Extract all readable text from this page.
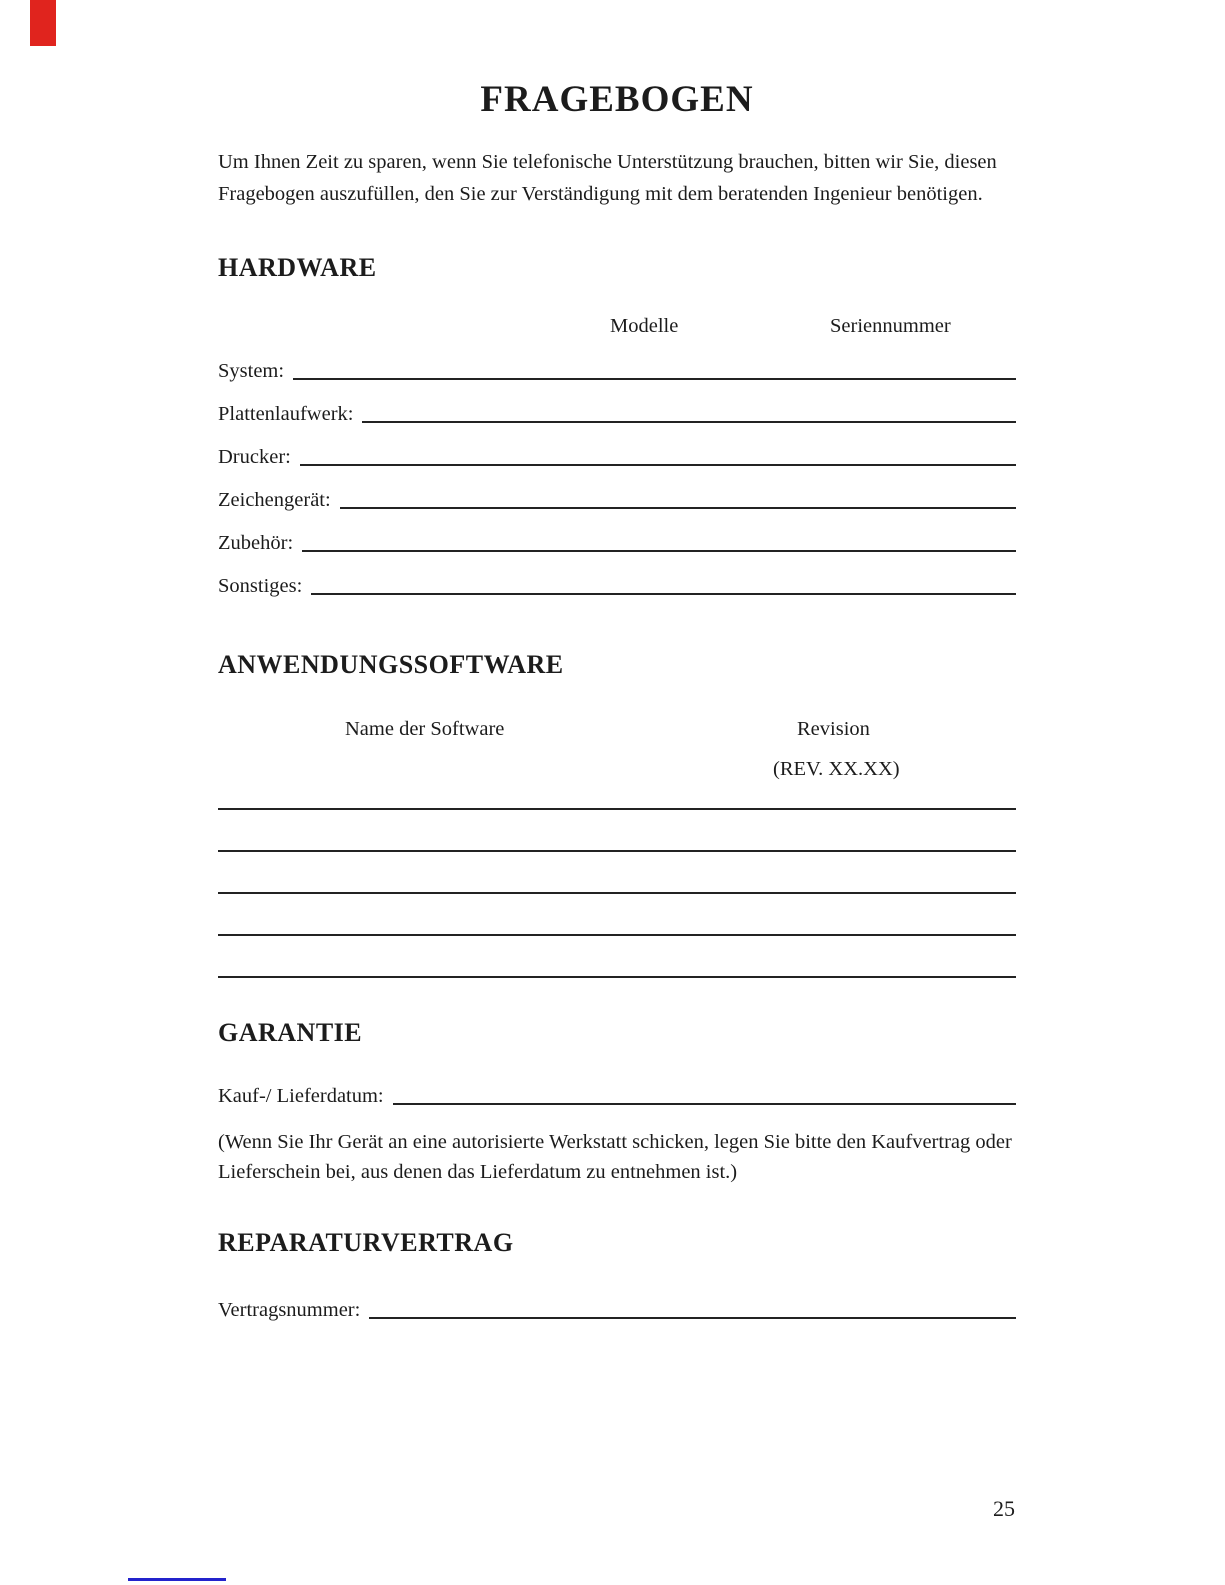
FRAGEBOGEN
Um Ihnen Zeit zu sparen, wenn Sie telefonische Unterstützung brauchen, bitten wir Sie, diesen Fragebogen auszufüllen, den Sie zur Verständigung mit dem beratenden Ingenieur benötigen.
HARDWARE
Modelle	Seriennummer
System:
Plattenlaufwerk:
Drucker:
Zeichengerät:
Zubehör:
Sonstiges:
ANWENDUNGSSOFTWARE
Name der Software	Revision
(REV. XX.XX)
GARANTIE
Kauf-/ Lieferdatum:
(Wenn Sie Ihr Gerät an eine autorisierte Werkstatt schicken, legen Sie bitte den Kaufvertrag oder Lieferschein bei, aus denen das Lieferdatum zu entnehmen ist.)
REPARATURVERTRAG
Vertragsnummer:
25
